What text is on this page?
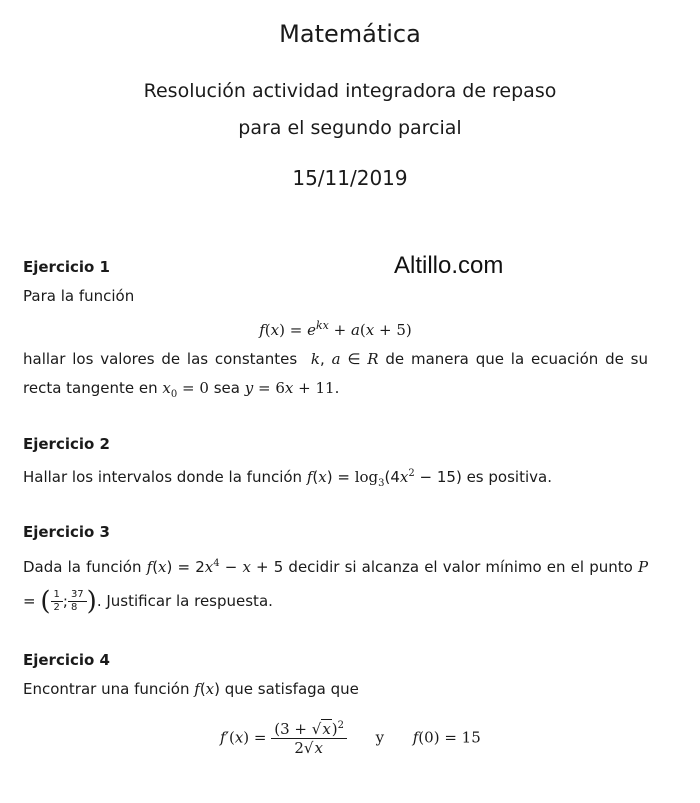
Matemática
Resolución actividad integradora de repaso
para el segundo parcial
15/11/2019
Altillo.com
Ejercicio 1

Para la función

$f(x) = e^{kx} + a(x + 5)$

hallar los valores de las constantes k, a ∈ R de manera que la ecuación de su recta tangente en $x_0 = 0$ sea y = 6x + 11.

Ejercicio 2

Hallar los intervalos donde la función $f(x) = \log_3(4x^2 - 15)$ es positiva.

Ejercicio 3

Dada la función $f(x) = 2x^4 - x + 5$ decidir si alcanza el valor mínimo en el punto P = ( $\frac{1}{2}$ ; $\frac{37}{8}$ ). Justificar la respuesta.

Ejercicio 4

Encontrar una función f(x) que satisfaga que

$f'(x) = \frac{(3 + √x)^2}{2√x}$ y f(0) = 15
